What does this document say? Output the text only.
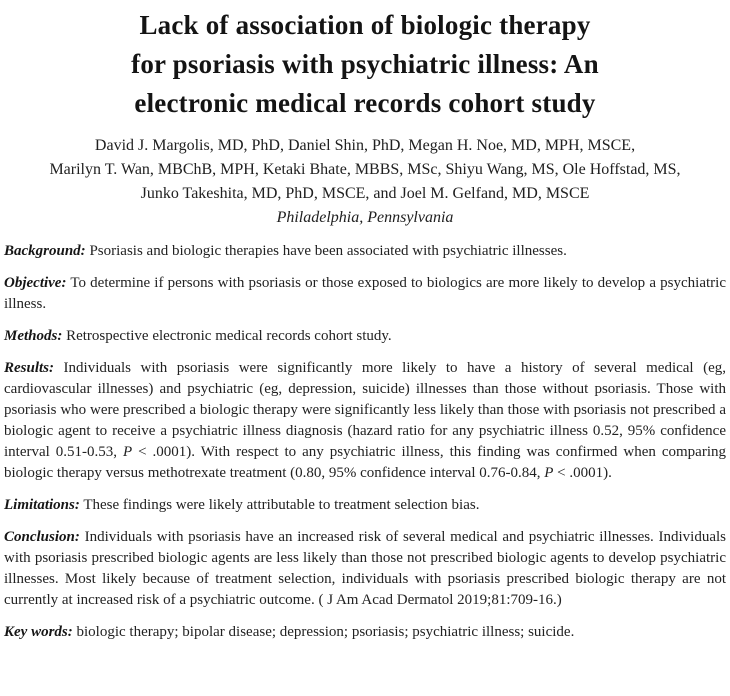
Lack of association of biologic therapy
for psoriasis with psychiatric illness: An
electronic medical records cohort study
David J. Margolis, MD, PhD, Daniel Shin, PhD, Megan H. Noe, MD, MPH, MSCE,
Marilyn T. Wan, MBChB, MPH, Ketaki Bhate, MBBS, MSc, Shiyu Wang, MS, Ole Hoffstad, MS,
Junko Takeshita, MD, PhD, MSCE, and Joel M. Gelfand, MD, MSCE
Philadelphia, Pennsylvania

Background: Psoriasis and biologic therapies have been associated with psychiatric illnesses.

Objective: To determine if persons with psoriasis or those exposed to biologics are more likely to develop a psychiatric illness.

Methods: Retrospective electronic medical records cohort study.

Results: Individuals with psoriasis were significantly more likely to have a history of several medical (eg, cardiovascular illnesses) and psychiatric (eg, depression, suicide) illnesses than those without psoriasis. Those with psoriasis who were prescribed a biologic therapy were significantly less likely than those with psoriasis not prescribed a biologic agent to receive a psychiatric illness diagnosis (hazard ratio for any psychiatric illness 0.52, 95% confidence interval 0.51-0.53, P < .0001). With respect to any psychiatric illness, this finding was confirmed when comparing biologic therapy versus methotrexate treatment (0.80, 95% confidence interval 0.76-0.84, P < .0001).

Limitations: These findings were likely attributable to treatment selection bias.

Conclusion: Individuals with psoriasis have an increased risk of several medical and psychiatric illnesses. Individuals with psoriasis prescribed biologic agents are less likely than those not prescribed biologic agents to develop psychiatric illnesses. Most likely because of treatment selection, individuals with psoriasis prescribed biologic therapy are not currently at increased risk of a psychiatric outcome. ( J Am Acad Dermatol 2019;81:709-16.)

Key words: biologic therapy; bipolar disease; depression; psoriasis; psychiatric illness; suicide.
